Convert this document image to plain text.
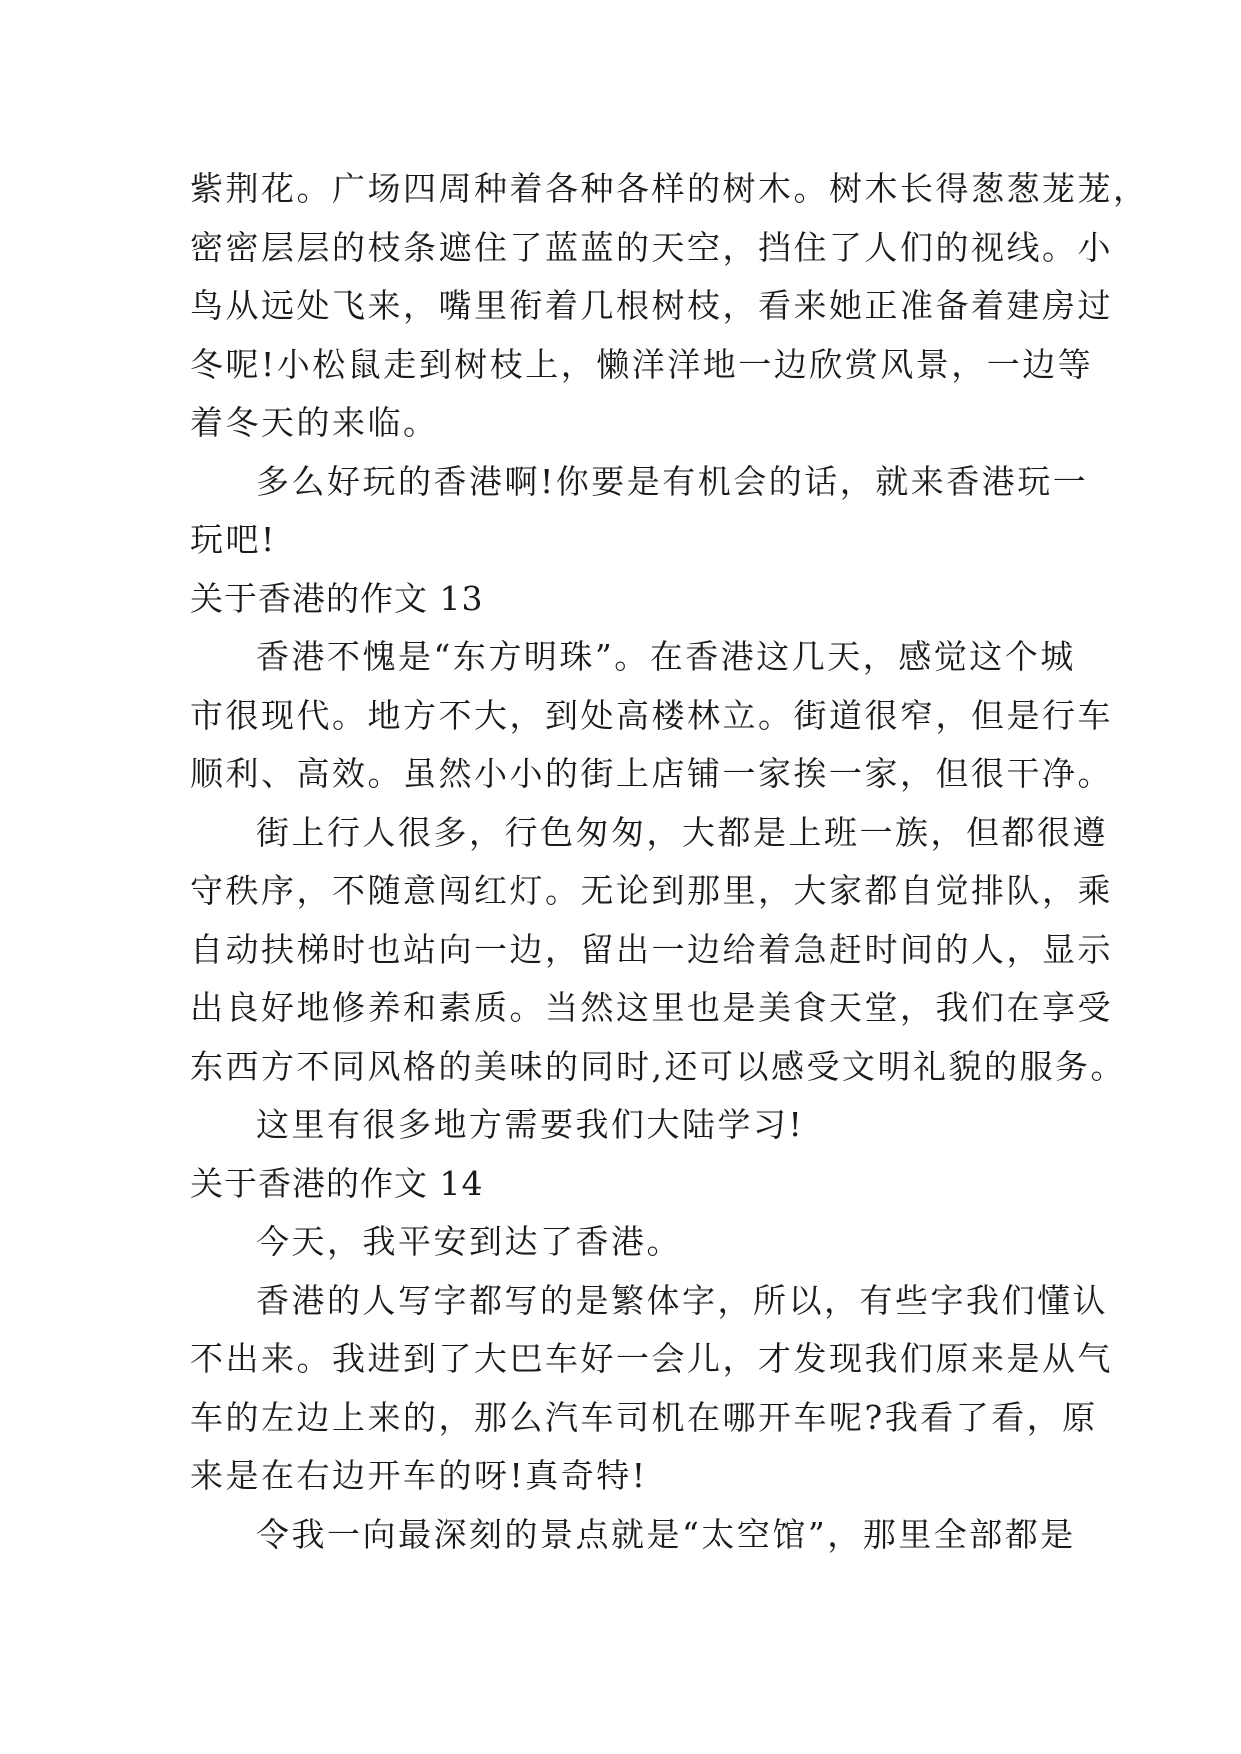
紫荆花。广场四周种着各种各样的树木。树木长得葱葱茏茏，
密密层层的枝条遮住了蓝蓝的天空，挡住了人们的视线。小
鸟从远处飞来，嘴里衔着几根树枝，看来她正准备着建房过
冬呢!小松鼠走到树枝上，懒洋洋地一边欣赏风景，一边等
着冬天的来临。
多么好玩的香港啊!你要是有机会的话，就来香港玩一
玩吧!
关于香港的作文 13
香港不愧是“东方明珠”。在香港这几天，感觉这个城
市很现代。地方不大，到处高楼林立。街道很窄，但是行车
顺利、高效。虽然小小的街上店铺一家挨一家，但很干净。
街上行人很多，行色匆匆，大都是上班一族，但都很遵
守秩序，不随意闯红灯。无论到那里，大家都自觉排队，乘
自动扶梯时也站向一边，留出一边给着急赶时间的人，显示
出良好地修养和素质。当然这里也是美食天堂，我们在享受
东西方不同风格的美味的同时,还可以感受文明礼貌的服务。
这里有很多地方需要我们大陆学习!
关于香港的作文 14
今天，我平安到达了香港。
香港的人写字都写的是繁体字，所以，有些字我们懂认
不出来。我进到了大巴车好一会儿，才发现我们原来是从气
车的左边上来的，那么汽车司机在哪开车呢?我看了看，原
来是在右边开车的呀!真奇特!
令我一向最深刻的景点就是“太空馆”，那里全部都是
